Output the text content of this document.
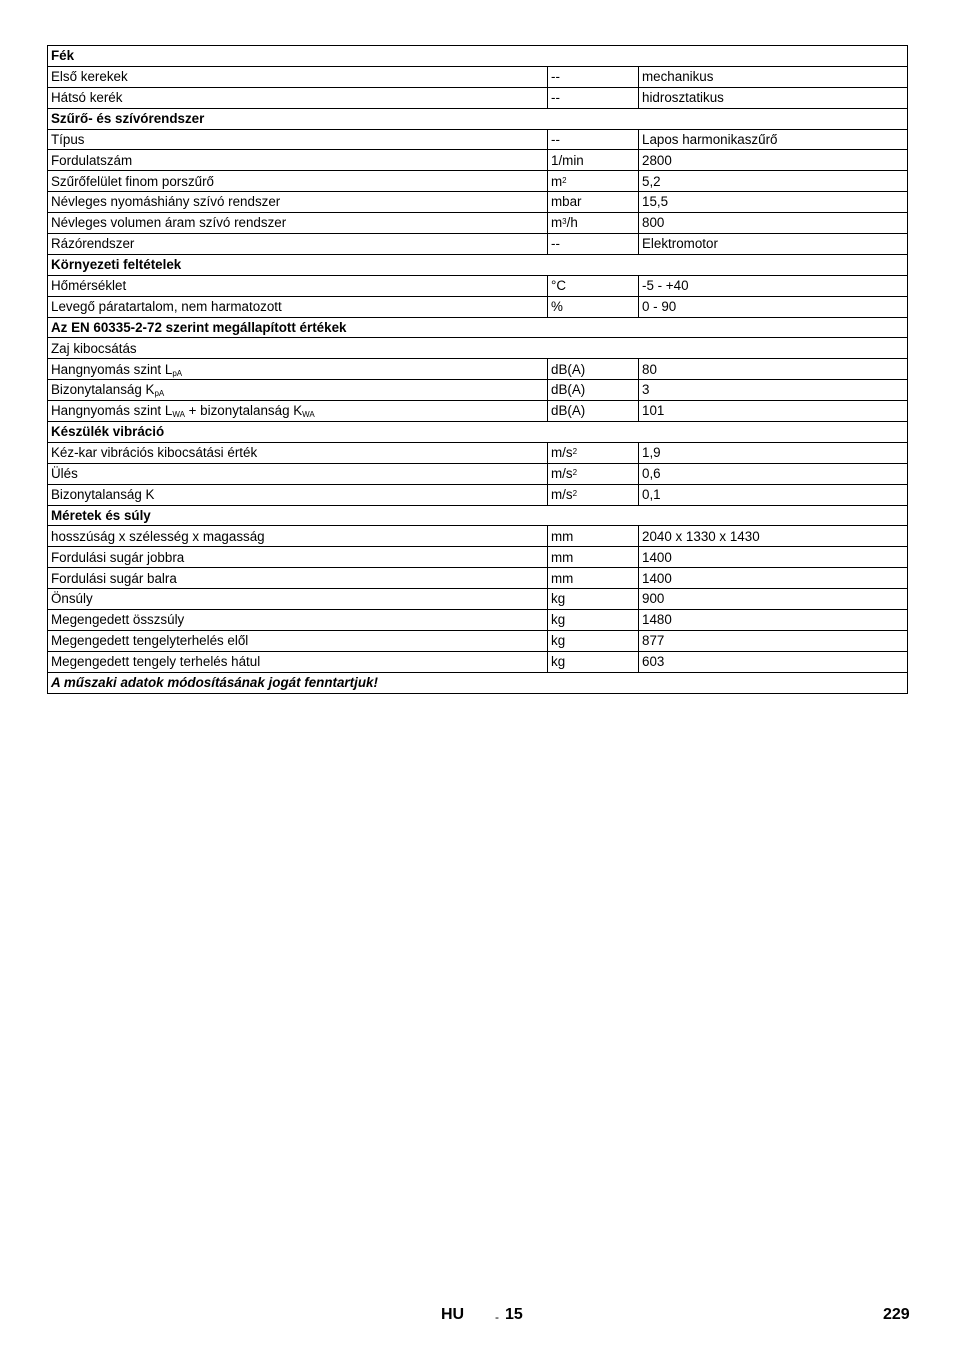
Fék		
Első kerekek	--	mechanikus
Hátsó kerék	--	hidrosztatikus
Szűrő- és szívórendszer		
Típus	--	Lapos harmonikaszűrő
Fordulatszám	1/min	2800
Szűrőfelület finom porszűrő	$m^2$	5,2
Névleges nyomáshiány szívó rendszer	mbar	15,5
Névleges volumen áram szívó rendszer	$m^3/h$	800
Rázórendszer	--	Elektromotor
Környezeti feltételek		
Hőmérséklet	°C	-5 - +40
Levegő páratartalom, nem harmatozott	%	0 - 90
Az EN 60335-2-72 szerint megállapított értékek		
Zaj kibocsátás		
Hangnyomás szint $L_{pA}$	dB(A)	80
Bizonytalanság $K_{pA}$	dB(A)	3
Hangnyomás szint $L_{WA}$ + bizonytalanság $K_{WA}$	dB(A)	101
Készülék vibráció		
Kéz-kar vibrációs kibocsátási érték	$m/s^2$	1,9
Ülés	$m/s^2$	0,6
Bizonytalanság K	$m/s^2$	0,1
Méretek és súly		
hosszúság x szélesség x magasság	mm	2040 x 1330 x 1430
Fordulási sugár jobbra	mm	1400
Fordulási sugár balra	mm	1400
Önsúly	kg	900
Megengedett összsúly	kg	1480
Megengedett tengelyterhelés elől	kg	877
Megengedett tengely terhelés hátul	kg	603
A műszaki adatok módosításának jogát fenntartjuk!		
HU	- 15	229
